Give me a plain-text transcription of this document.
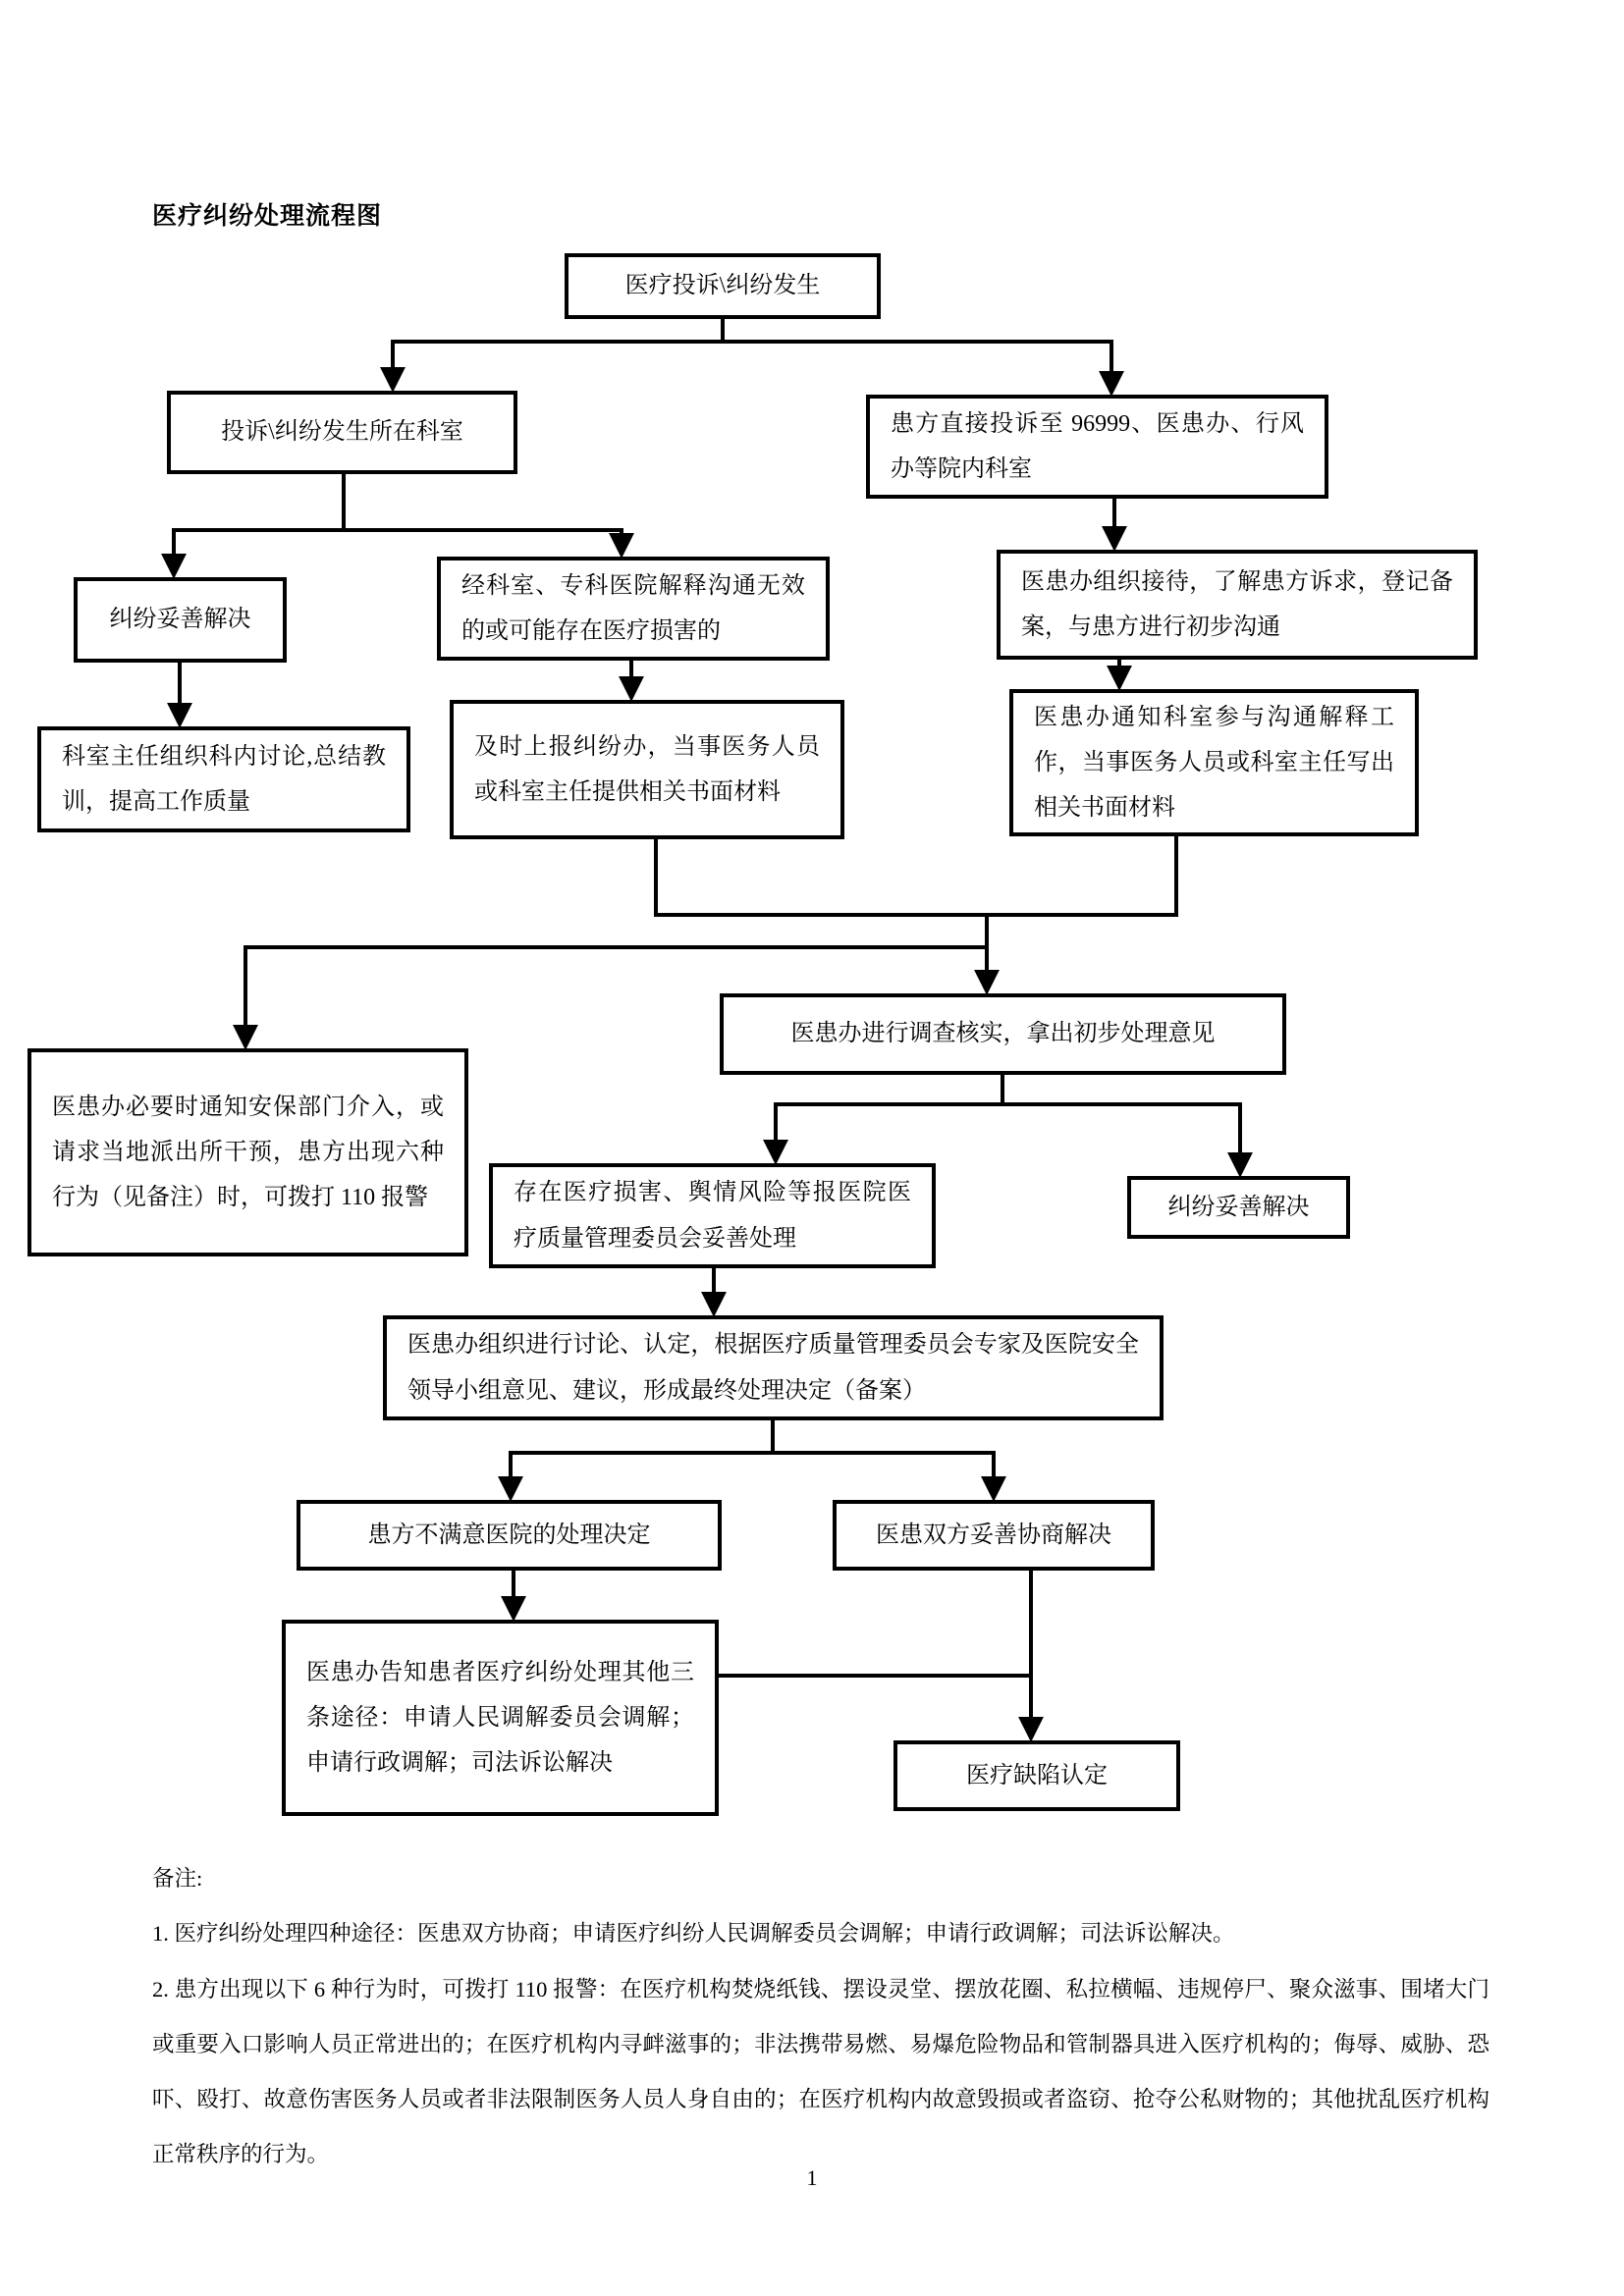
医疗纠纷处理流程图
医疗投诉\纠纷发生
投诉\纠纷发生所在科室	患方直接投诉至 96999、医患办、行风办等院内科室
纠纷妥善解决
经科室、专科医院解释沟通无效的或可能存在医疗损害的
医患办组织接待，了解患方诉求，登记备案，与患方进行初步沟通
科室主任组织科内讨论,总结教训，提高工作质量
及时上报纠纷办，当事医务人员或科室主任提供相关书面材料
医患办通知科室参与沟通解释工作，当事医务人员或科室主任写出相关书面材料
医患办进行调查核实，拿出初步处理意见
医患办必要时通知安保部门介入，或请求当地派出所干预，患方出现六种行为（见备注）时，可拨打 110 报警	存在医疗损害、舆情风险等报医院医疗质量管理委员会妥善处理
纠纷妥善解决
医患办组织进行讨论、认定，根据医疗质量管理委员会专家及医院安全领导小组意见、建议，形成最终处理决定（备案）
患方不满意医院的处理决定	医患双方妥善协商解决
医患办告知患者医疗纠纷处理其他三条途径：申请人民调解委员会调解；申请行政调解；司法诉讼解决	医疗缺陷认定
备注:
1. 医疗纠纷处理四种途径：医患双方协商；申请医疗纠纷人民调解委员会调解；申请行政调解；司法诉讼解决。
2. 患方出现以下 6 种行为时，可拨打 110 报警：在医疗机构焚烧纸钱、摆设灵堂、摆放花圈、私拉横幅、违规停尸、聚众滋事、围堵大门或重要入口影响人员正常进出的；在医疗机构内寻衅滋事的；非法携带易燃、易爆危险物品和管制器具进入医疗机构的；侮辱、威胁、恐吓、殴打、故意伤害医务人员或者非法限制医务人员人身自由的；在医疗机构内故意毁损或者盗窃、抢夺公私财物的；其他扰乱医疗机构正常秩序的行为。
1
